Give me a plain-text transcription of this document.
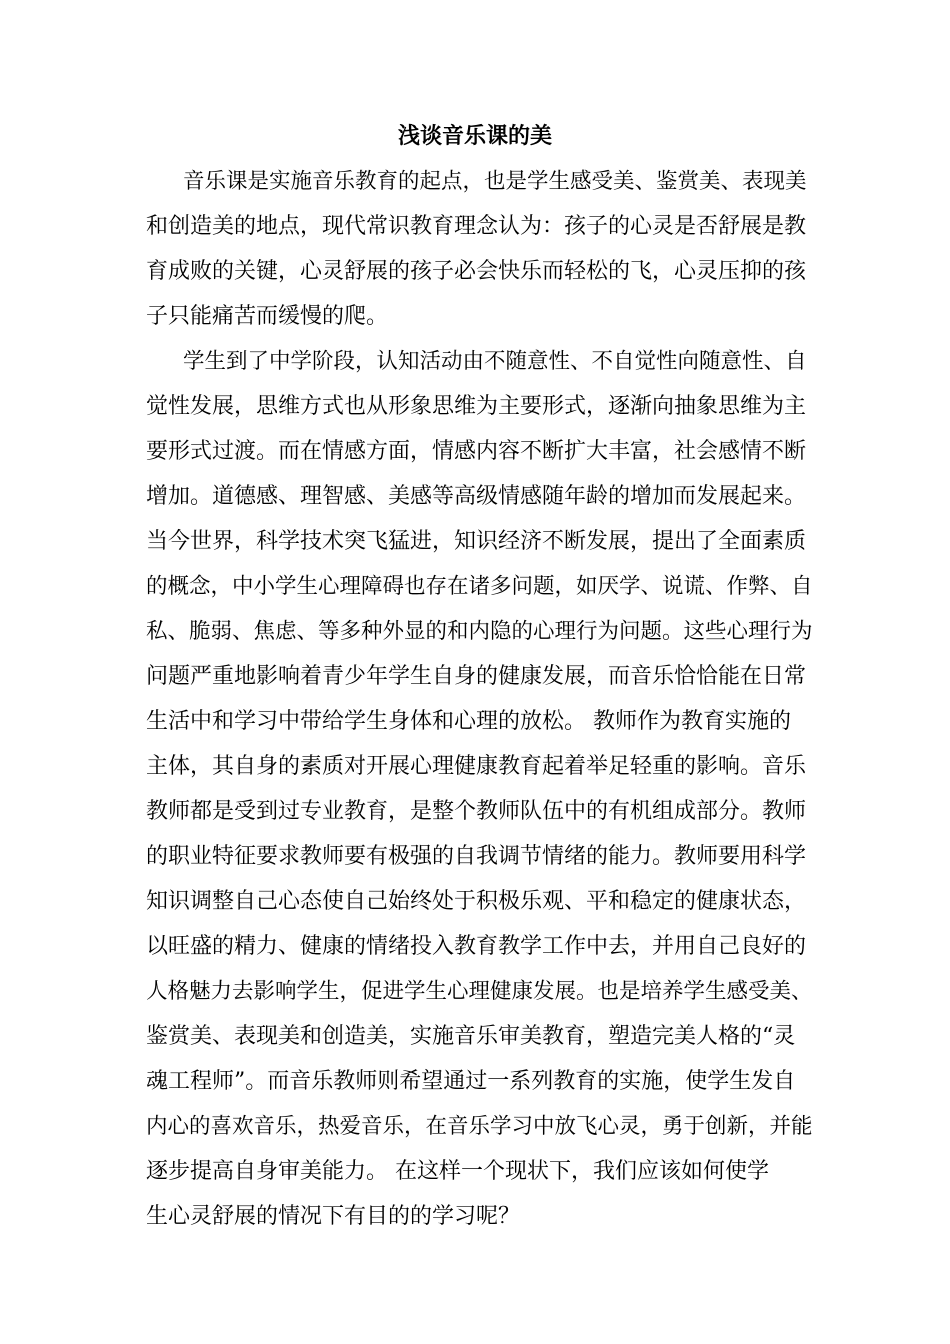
浅谈音乐课的美
音乐课是实施音乐教育的起点，也是学生感受美、鉴赏美、表现美
和创造美的地点，现代常识教育理念认为：孩子的心灵是否舒展是教
育成败的关键，心灵舒展的孩子必会快乐而轻松的飞，心灵压抑的孩
子只能痛苦而缓慢的爬。
学生到了中学阶段，认知活动由不随意性、不自觉性向随意性、自
觉性发展，思维方式也从形象思维为主要形式，逐渐向抽象思维为主
要形式过渡。而在情感方面，情感内容不断扩大丰富，社会感情不断
增加。道德感、理智感、美感等高级情感随年龄的增加而发展起来。
当今世界，科学技术突飞猛进，知识经济不断发展，提出了全面素质
的概念，中小学生心理障碍也存在诸多问题，如厌学、说谎、作弊、自
私、脆弱、焦虑、等多种外显的和内隐的心理行为问题。这些心理行为
问题严重地影响着青少年学生自身的健康发展，而音乐恰恰能在日常
生活中和学习中带给学生身体和心理的放松。 教师作为教育实施的
主体，其自身的素质对开展心理健康教育起着举足轻重的影响。音乐
教师都是受到过专业教育，是整个教师队伍中的有机组成部分。教师
的职业特征要求教师要有极强的自我调节情绪的能力。教师要用科学
知识调整自己心态使自己始终处于积极乐观、平和稳定的健康状态，
以旺盛的精力、健康的情绪投入教育教学工作中去，并用自己良好的
人格魅力去影响学生，促进学生心理健康发展。也是培养学生感受美、
鉴赏美、表现美和创造美，实施音乐审美教育，塑造完美人格的“灵
魂工程师”。而音乐教师则希望通过一系列教育的实施，使学生发自
内心的喜欢音乐，热爱音乐，在音乐学习中放飞心灵，勇于创新，并能
逐步提高自身审美能力。 在这样一个现状下，我们应该如何使学
生心灵舒展的情况下有目的的学习呢？
